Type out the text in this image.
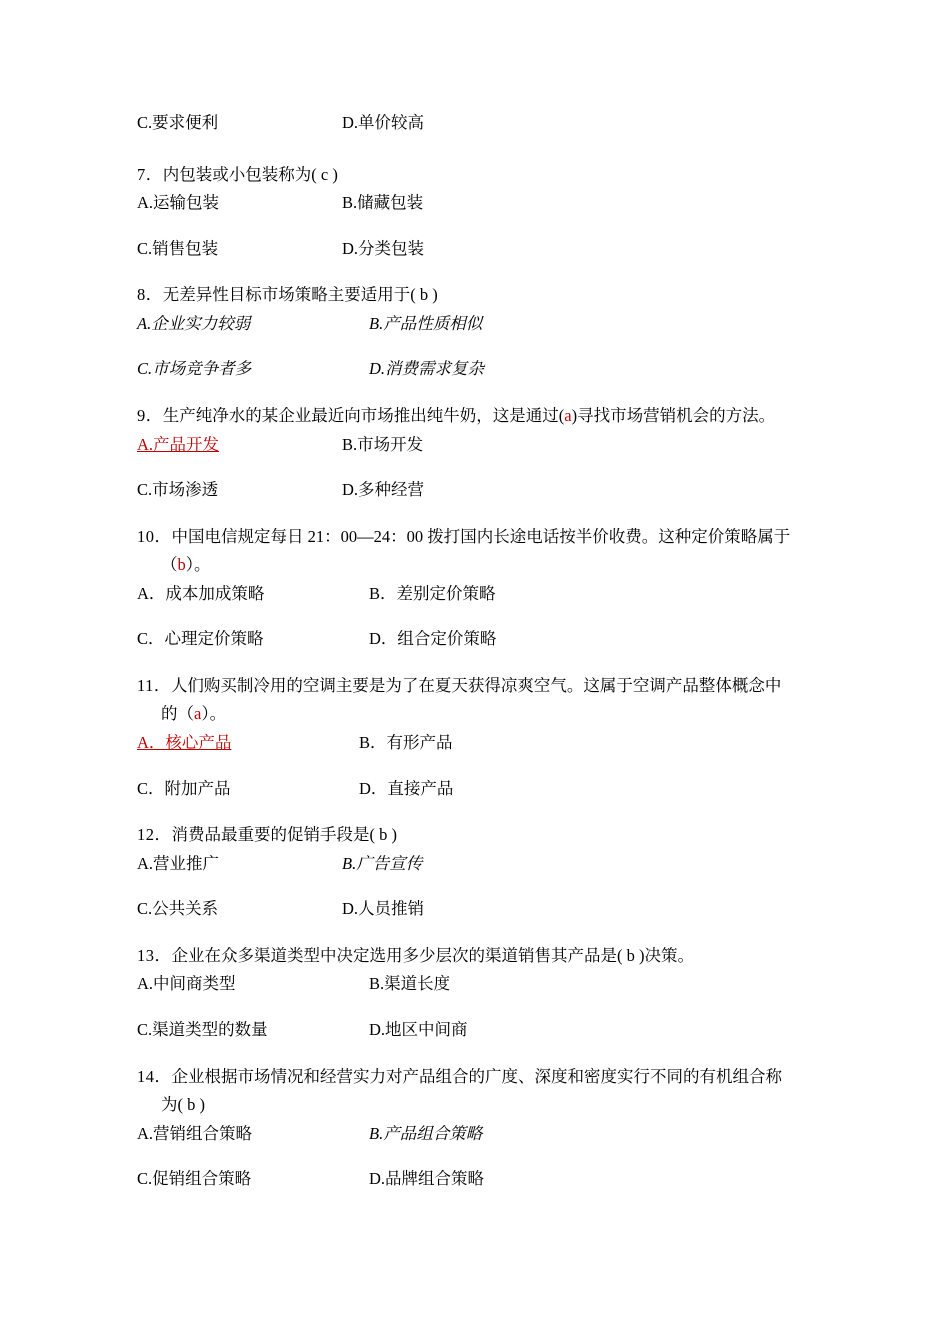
C.要求便利	D.单价较高

7．内包装或小包装称为( c )

A.运输包装	B.储藏包装
C.销售包装	D.分类包装

8．无差异性目标市场策略主要适用于( b )

A.企业实力较弱	B.产品性质相似
C.市场竞争者多	D.消费需求复杂

9．生产纯净水的某企业最近向市场推出纯牛奶，这是通过(a)寻找市场营销机会的方法。

A.产品开发	B.市场开发
C.市场渗透	D.多种经营

10．中国电信规定每日 21：00—24：00 拨打国内长途电话按半价收费。这种定价策略属于

（b）。

A．成本加成策略	B．差别定价策略
C．心理定价策略	D．组合定价策略

11．人们购买制冷用的空调主要是为了在夏天获得凉爽空气。这属于空调产品整体概念中

的（a）。

A．核心产品	B．有形产品
C．附加产品	D．直接产品

12．消费品最重要的促销手段是( b )

A.营业推广	B.广告宣传
C.公共关系	D.人员推销

13．企业在众多渠道类型中决定选用多少层次的渠道销售其产品是( b )决策。

A.中间商类型	B.渠道长度
C.渠道类型的数量	D.地区中间商

14．企业根据市场情况和经营实力对产品组合的广度、深度和密度实行不同的有机组合称

为( b )

A.营销组合策略	B.产品组合策略
C.促销组合策略	D.品牌组合策略
